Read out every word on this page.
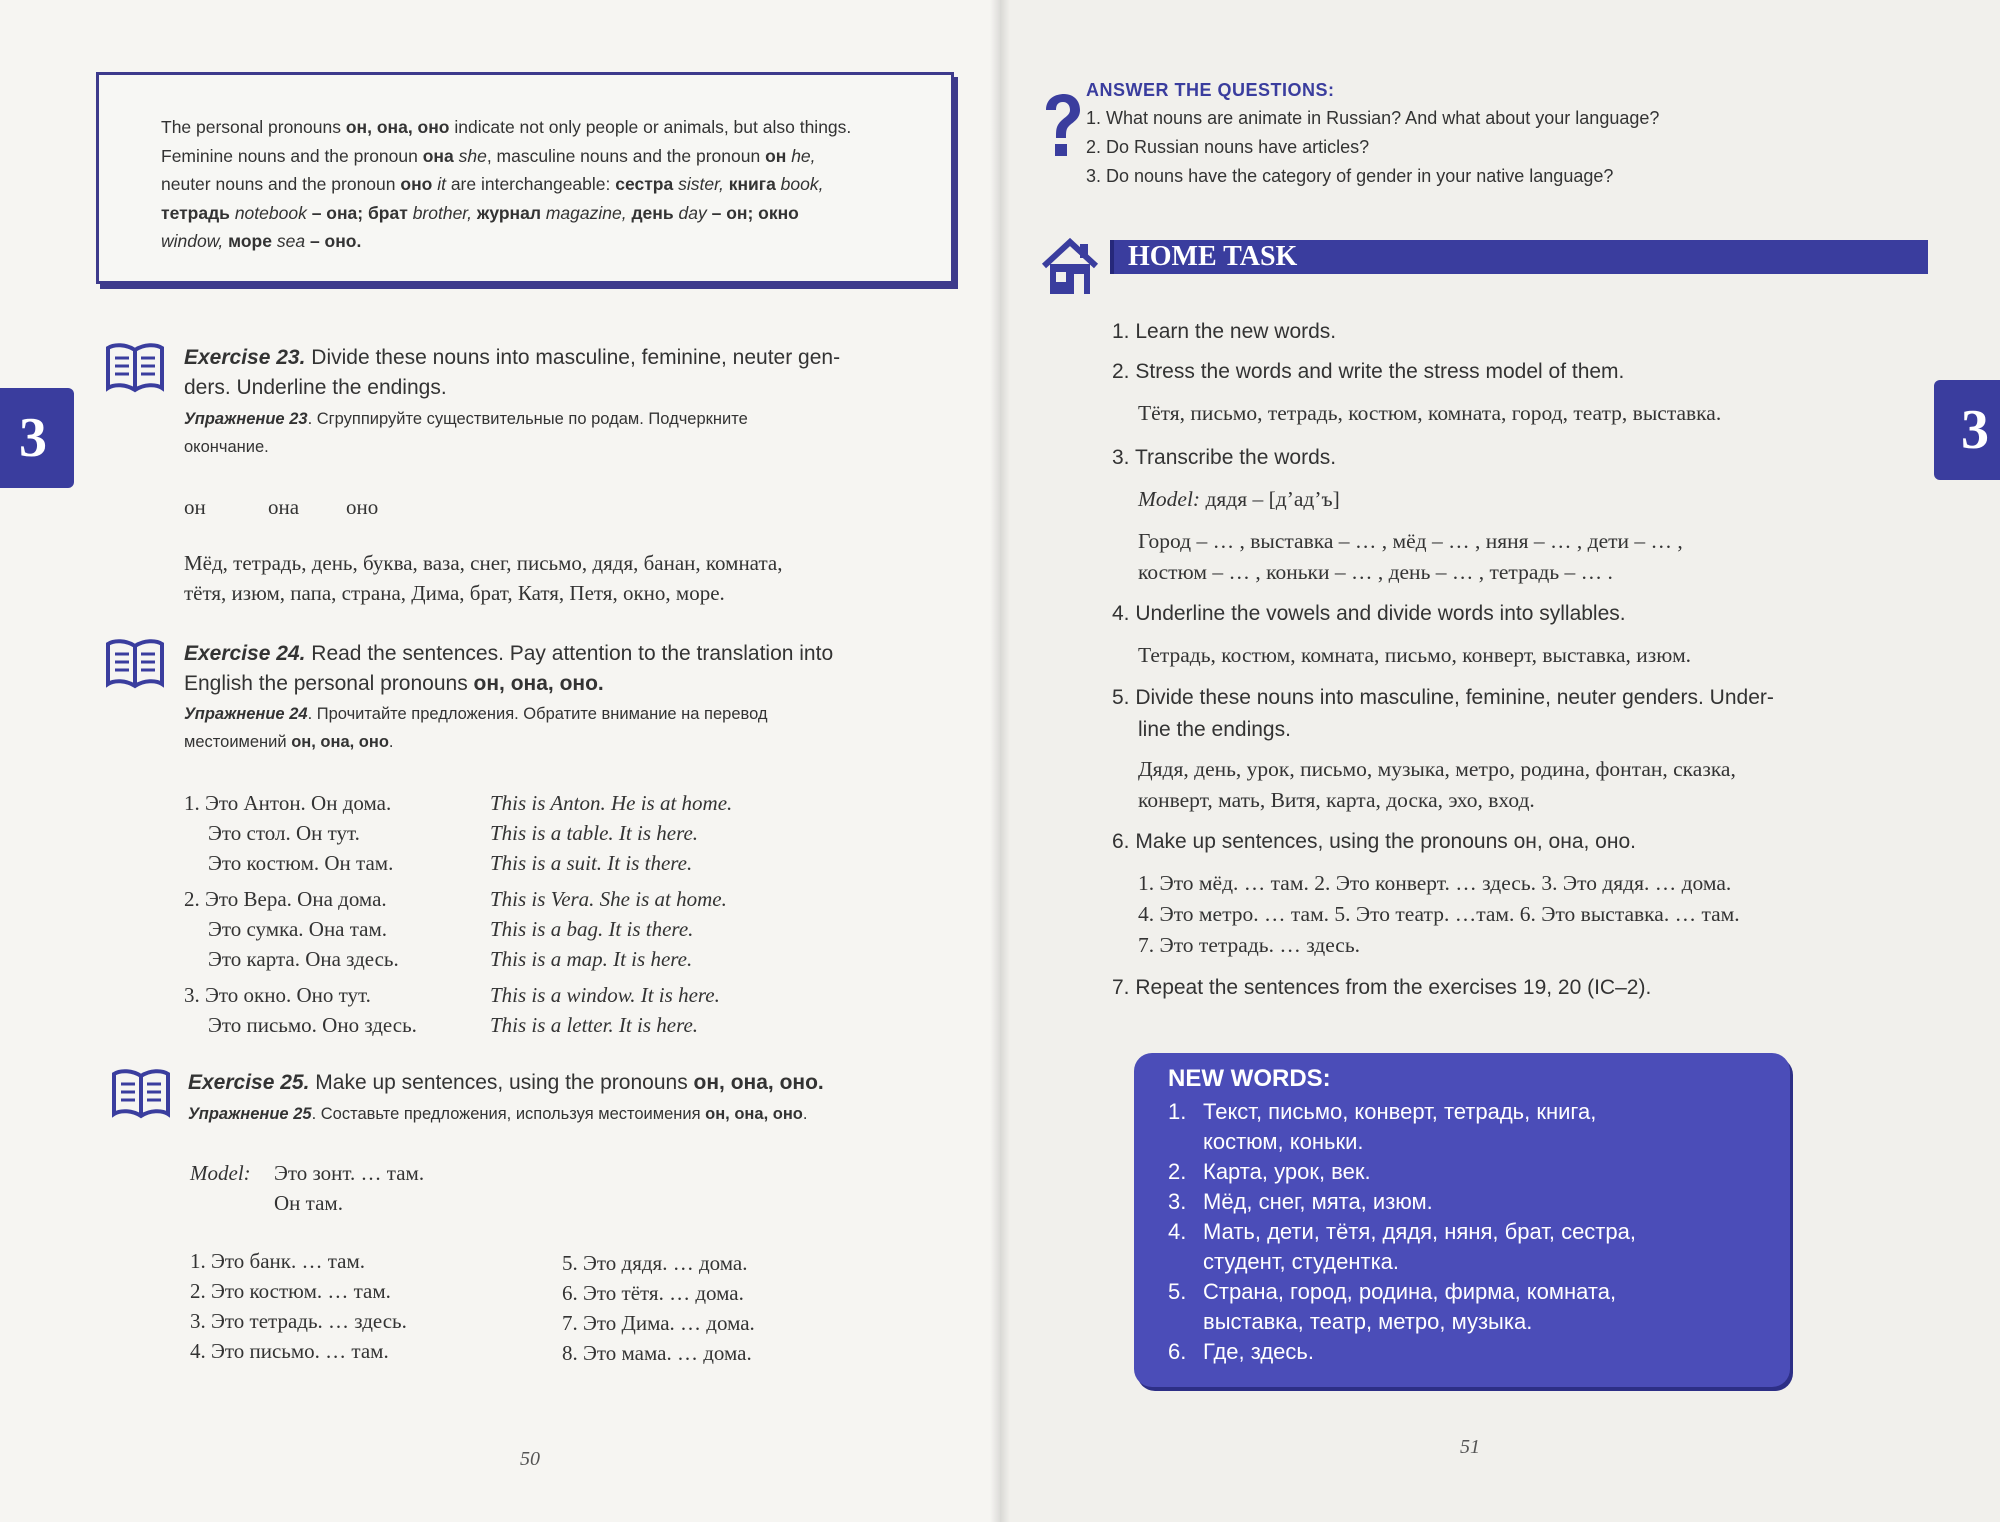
The personal pronouns он, она, оно indicate not only people or animals, but also things.
Feminine nouns and the pronoun она she, masculine nouns and the pronoun он he,
neuter nouns and the pronoun оно it are interchangeable: сестра sister, книга book,
тетрадь notebook – она; брат brother, журнал magazine, день day – он; окно
window, море sea – оно.

3
Exercise 23. Divide these nouns into masculine, feminine, neuter gen-
ders. Underline the endings.
Упражнение 23. Сгруппируйте существительные по родам. Подчеркните
окончание.
он	она оно
Мёд, тетрадь, день, буква, ваза, снег, письмо, дядя, банан, комната,
тётя, изюм, папа, страна, Дима, брат, Катя, Петя, окно, море.
Exercise 24. Read the sentences. Pay attention to the translation into
English the personal pronouns он, она, оно.
Упражнение 24. Прочитайте предложения. Обратите внимание на перевод
местоимений он, она, оно.
1. Это Антон. Он дома.	This is Anton. He is at home.
Это стол. Он тут.	This is a table. It is here.
Это костюм. Он там.	This is a suit. It is there.
2. Это Вера. Она дома.	This is Vera. She is at home.
Это сумка. Она там.	This is a bag. It is there.
Это карта. Она здесь.	This is a map. It is here.
3. Это окно. Оно тут.	This is a window. It is here.
Это письмо. Оно здесь.	This is a letter. It is here.
Exercise 25. Make up sentences, using the pronouns он, она, оно.
Упражнение 25. Составьте предложения, используя местоимения он, она, оно.
Model: Это зонт. … там.
Он там.
1. Это банк. … там.
2. Это костюм. … там.
3. Это тетрадь. … здесь.
4. Это письмо. … там.
5. Это дядя. … дома.
6. Это тётя. … дома.
7. Это Дима. … дома.
8. Это мама. … дома.
50
ANSWER THE QUESTIONS:
1. What nouns are animate in Russian? And what about your language?
2. Do Russian nouns have articles?
3. Do nouns have the category of gender in your native language?
HOME TASK
3
1. Learn the new words.
2. Stress the words and write the stress model of them.
Тётя, письмо, тетрадь, костюм, комната, город, театр, выставка.
3. Transcribe the words.
Model: дядя – [д’ад’ъ]
Город – … , выставка – … , мёд – … , няня – … , дети – … ,
костюм – … , коньки – … , день – … , тетрадь – … .
4. Underline the vowels and divide words into syllables.
Тетрадь, костюм, комната, письмо, конверт, выставка, изюм.
5. Divide these nouns into masculine, feminine, neuter genders. Under-
line the endings.
Дядя, день, урок, письмо, музыка, метро, родина, фонтан, сказка,
конверт, мать, Витя, карта, доска, эхо, вход.
6. Make up sentences, using the pronouns он, она, оно.
1. Это мёд. … там. 2. Это конверт. … здесь. 3. Это дядя. … дома.
4. Это метро. … там. 5. Это театр. …там. 6. Это выставка. … там.
7. Это тетрадь. … здесь.
7. Repeat the sentences from the exercises 19, 20 (IC–2).
NEW WORDS:
1. Текст, письмо, конверт, тетрадь, книга,
костюм, коньки.
2. Карта, урок, век.
3. Мёд, снег, мята, изюм.
4. Мать, дети, тётя, дядя, няня, брат, сестра,
студент, студентка.
5. Страна, город, родина, фирма, комната,
выставка, театр, метро, музыка.
6. Где, здесь.
51
